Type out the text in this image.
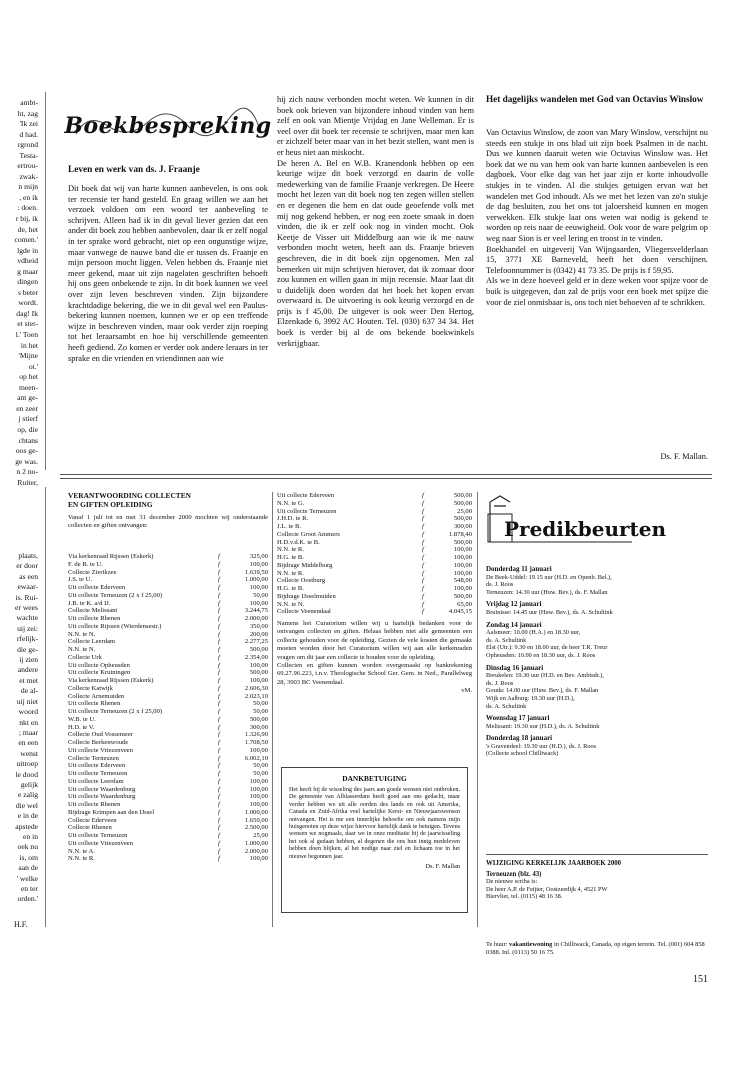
ambt-
ht, zag
'Ik zei
d had.
rgrond
Testa-
ertrou-
zwak-
n mijn
, en ik
: doen.
r bij, ik
de, het
comen.'
lgde in
vdheid
g maar
dingen
s beter
wordt.
dag! Ik
et ster-
l.' Toen
in het
'Mijne
ot.'
op het
meen-
ant ge-
en zeer
j stierf
op, die
chtans
oos ge-
ge was.
n 2 no-
Ruiter,
plaats,
er door
as een
ewaar-
is. Rui-
er wees
wachte
uij zei:
rfelijk-
die ge-
ij zien
andere
et met
de al-
uij niet
woord
nkt en
; maar
en een
wenst
uitroep
le dood
gelijk
e zalig
die wel
e in de
apstede
en in
oek nu
is, om
aan de
' welke
en ter
orden.'
H.F.
Boekbespreking
Leven en werk van ds. J. Fraanje
Dit boek dat wij van harte kunnen aanbevelen, is ons ook ter recensie ter hand gesteld. En graag willen we aan het verzoek voldoen om een woord ter aanbeveling te schrijven. Alleen had ik in dit geval liever gezien dat een ander dit boek zou hebben aanbevolen, daar ik er zelf nogal in ter sprake word gebracht, niet op een ongunstige wijze, maar vanwege de nauwe band die er tussen ds. Fraanje en mijn persoon mocht liggen. Velen hebben ds. Fraanje niet meer gekend, maar uit zijn nagelaten geschriften behoeft hij ons geen onbekende te zijn. In dit boek kunnen we veel over zijn leven beschreven vinden. Zijn bijzondere krachtdadige bekering, die we in dit geval wel een Paulus-bekering kunnen noemen, kunnen we er op een treffende wijze in beschreven vinden, maar ook verder zijn roeping tot het leraarsambt en hoe hij verschillende gemeenten heeft gediend. Zo komen er verder ook andere leraars in ter sprake en die vrienden en vriendinnen aan wie

hij zich nauw verbonden mocht weten. We kunnen in dit boek ook brieven van bijzondere inhoud vinden van hem zelf en ook van Mientje Vrijdag en Jane Welleman. Er is veel over dit boek ter recensie te schrijven, maar men kan er zichzelf beter maar van in het bezit stellen, want men is er heus niet aan miskocht.

De heren A. Bel en W.B. Kranendonk hebben op een keurige wijze dit boek verzorgd en daarin de volle medewerking van de familie Fraanje verkregen. De Heere mocht het lezen van dit boek nog ten zegen willen stellen en er degenen die hem en dat oude geoefende volk met mij nog gekend hebben, er nog een zoete smaak in doen vinden, die ik er zelf ook nog in vinden mocht. Ook Keetje de Visser uit Middelburg aan wie ik me nauw verbonden mocht weten, heeft aan ds. Fraanje brieven geschreven, die in dit boek zijn opgenomen. Men zal bemerken uit mijn schrijven hierover, dat ik zomaar door zou kunnen en willen gaan in mijn recensie. Maar laat dit u duidelijk doen worden dat het boek het kopen ervan overwaard is. De uitvoering is ook keurig verzorgd en de prijs is f 45,00. De uitgever is ook weer Den Hertog, Elzenkade 6, 3992 AC Houten. Tel. (030) 637 34 34. Het boek is verder bij al de ons bekende boekwinkels verkrijgbaar.

Het dagelijks wandelen met God van Octavius Winslow

Van Octavius Winslow, de zoon van Mary Winslow, verschijnt nu steeds een stukje in ons blad uit zijn boek Psalmen in de nacht. Dus we kunnen daaruit weten wie Octavius Winslow was. Het boek dat we nu van hem ook van harte kunnen aanbevelen is een dagboek. Voor elke dag van het jaar zijn er korte inhoudvolle stukjes in te vinden. Al die stukjes getuigen ervan wat het wandelen met God inhoudt. Als we met het lezen van zo'n stukje de dag besluiten, zou het ons tot jaloersheid kunnen en mogen verwekken. Elk stukje laat ons weten wat nodig is gekend te worden op reis naar de eeuwigheid. Ook voor de ware pelgrim op weg naar Sion is er veel lering en troost in te vinden.

Boekhandel en uitgeverij Van Wijngaarden, Vliegersvelderlaan 15, 3771 XE Barneveld, heeft het doen verschijnen. Telefoonnummer is (0342) 41 73 35. De prijs is f 59,95.

Als we in deze hoeveel geld er in deze weken voor spijze voor de buik is uitgegeven, dan zal de prijs voor een boek met spijze die voor de ziel onmisbaar is, ons toch niet behoeven af te schrikken.

Ds. F. Mallan.
VERANTWOORDING COLLECTEN
EN GIFTEN OPLEIDING
Vanaf 1 juli tot en met 31 december 2000 mochten wij onderstaande collecten en giften ontvangen:
Via kerkenraad Rijssen (Eskerk)	f	325,00
F. de B. te U.	f	100,00
Collecte Zierikzee	f	1.639,50
J.S. te U.	f	1.000,00
Uit collecte Ederveen	f	100,00
Uit collecte Terneuzen (2 x f 25,00)	f	50,00
J.B. te K. a/d IJ.	f	100,00
Collecte Melissant	f	3.244,75
Uit collecte Rhenen	f	2.000,00
Uit collecte Rijssen (Wierdensestr.)	f	350,00
N.N. te N.	f	200,00
Collecte Leerdam	f	2.277,25
N.N. te N.	f	500,00
Collecte Urk	f	2.354,00
Uit collecte Opheusden	f	100,00
Uit collecte Kruiningen	f	500,00
Via kerkenraad Rijssen (Eskerk)	f	100,00
Collecte Katwijk	f	2.606,30
Collecte Arnemuiden	f	2.023,10
Uit collecte Rhenen	f	50,00
Uit collecte Terneuzen (2 x f 25,00)	f	50,00
W.B. te U.	f	500,00
H.D. te V.	f	300,00
Collecte Oud Vossemeer	f	1.326,90
Collecte Berkenwoude	f	1.708,50
Uit collecte Vriezenveen	f	100,00
Collecte Terneuzen	f	6.002,10
Uit collecte Ederveen	f	50,00
Uit collecte Terneuzen	f	50,00
Uit collecte Leerdam	f	100,00
Uit collecte Waardenburg	f	100,00
Uit collecte Waardenburg	f	100,00
Uit collecte Rhenen	f	100,00
Bijdrage Krimpen aan den IJssel	f	1.000,00
Collecte Ederveen	f	1.650,00
Collecte Rhenen	f	2.500,00
Uit collecte Terneuzen	f	25,00
Uit collecte Vriezenveen	f	1.000,00
N.N. te A.	f	2.000,00
N.N. te R.	f	100,00
Uit collecte Ederveen	f	500,00
N.N. te G.	f	500,00
Uit collecte Terneuzen	f	25,00
J.H.D. te R.	f	500,00
J.L. te B.	f	300,00
Collecte Groot Ammers	f	1.878,40
H.D.v.d.K. te B.	f	500,00
N.N. te R.	f	100,00
H.G. te B.	f	100,00
Bijdrage Middelburg	f	100,00
N.N. te R.	f	100,00
Collecte Oostburg	f	548,00
H.G. te B.	f	100,00
Bijdrage IJsselmuiden	f	500,00
N.N. te N.	f	65,00
Collecte Veenendaal	f	4.045,15

Namens het Curatorium willen wij u hartelijk bedanken voor de ontvangen collecten en giften. Helaas hebben niet alle gemeenten een collecte gehouden voor de opleiding. Gezien de vele kosten die gemaakt moeten worden door het Curatorium willen wij aan alle kerkenraden vragen om dit jaar een collecte te houden voor de opleiding.

Collecten en giften kunnen worden overgemaakt op bankrekening 69.27.96.223, t.n.v. Theologische School Ger. Gem. in Ned., Parallelweg 28, 3903 BC Veenendaal.

vM.
DANKBETUIGING
Het heeft bij de wisseling des jaars aan goede wensen niet ontbroken. De gemeente van Alblasserdam heeft goed aan ons gedacht, maar verder hebben we uit alle oorden des lands en ook uit Amerika, Canada en Zuid-Afrika veel hartelijke Kerst- en Nieuwjaarswensen ontvangen. Het is me een innerlijke behoefte om ook namens mijn huisgenoten op deze wijze hiervoor hartelijk dank te betuigen. Tevens wensen we nogmaals, daar we in onze meditatie bij de jaarwisseling het ook al gedaan hebben, al degenen die ons hun innig medeleven hebben doen blijken, al het nodige naar ziel en lichaam toe in het nieuwe begonnen jaar.
Ds. F. Mallan
Predikbeurten
Donderdag 11 januari
De Beek-Uddel: 19.15 uur (H.D. en Openb. Bel.),
ds. J. Roos
Terneuzen: 14.30 uur (Huw. Bev.), ds. F. Mallan
Vrijdag 12 januari
Bruinisse: 14.45 uur (Huw. Bev.), ds. A. Schultink
Zondag 14 januari
Aalsmeer: 10.00 (H.A.) en 18.30 uur,
ds. A. Schultink
Elst (Utr.): 9.30 en 18.00 uur, de heer T.R. Treur
Opheusden: 10.00 en 18.30 uur, ds. J. Roos
Dinsdag 16 januari
Breukelen: 19.30 uur (H.D. en Bev. Ambtsdr.),
ds. J. Roos
Gouda: 14.00 uur (Huw. Bev.), ds. F. Mallan
Wijk en Aalburg: 19.30 uur (H.D.),
ds. A. Schultink
Woensdag 17 januari
Melissant: 19.30 uur (H.D.), ds. A. Schultink
Donderdag 18 januari
's Gravendeel: 19.30 uur (H.D.), ds. J. Roos
(Collecte school Chilliwack)
WIJZIGING KERKELIJK JAARBOEK 2000
Terneuzen (blz. 43)
De nieuwe scriba is:
De heer A.P. de Feijter, Oostzeedijk 4, 4521 PW
Biervliet, tel. (0115) 48 16 38.
Te huur: vakantiewoning in Chilliwack, Canada, op eigen terrein. Tel. (001) 604 858 0388. Inl. (0113) 50 16 75.
151
